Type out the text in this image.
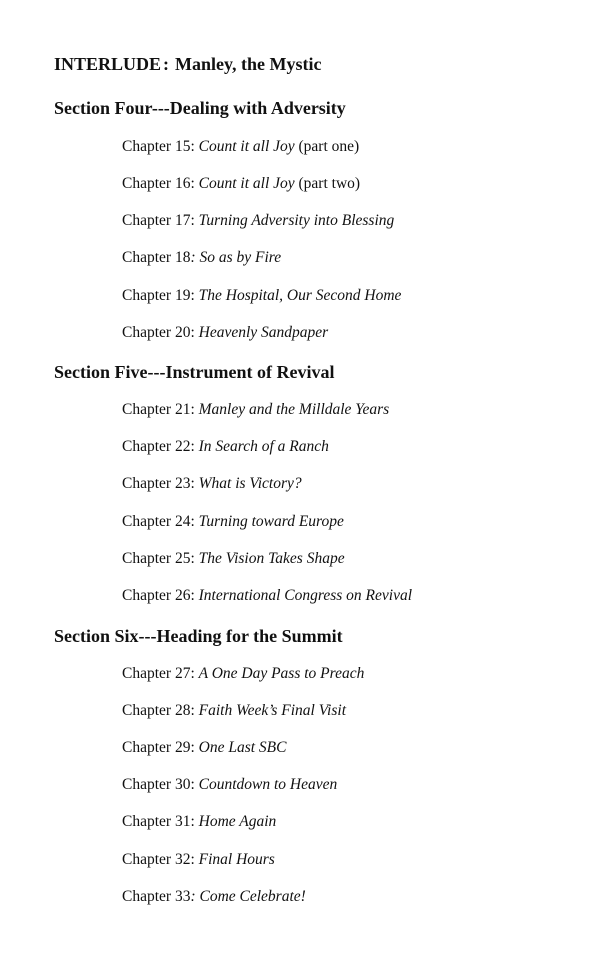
INTERLUDE : Manley, the Mystic
Section Four---Dealing with Adversity
Chapter 15: Count it all Joy (part one)
Chapter 16: Count it all Joy (part two)
Chapter 17: Turning Adversity into Blessing
Chapter 18: So as by Fire
Chapter 19: The Hospital, Our Second Home
Chapter 20: Heavenly Sandpaper
Section Five---Instrument of Revival
Chapter 21: Manley and the Milldale Years
Chapter 22: In Search of a Ranch
Chapter 23: What is Victory?
Chapter 24: Turning toward Europe
Chapter 25: The Vision Takes Shape
Chapter 26: International Congress on Revival
Section Six---Heading for the Summit
Chapter 27: A One Day Pass to Preach
Chapter 28: Faith Week’s Final Visit
Chapter 29: One Last SBC
Chapter 30: Countdown to Heaven
Chapter 31: Home Again
Chapter 32: Final Hours
Chapter 33: Come Celebrate!
